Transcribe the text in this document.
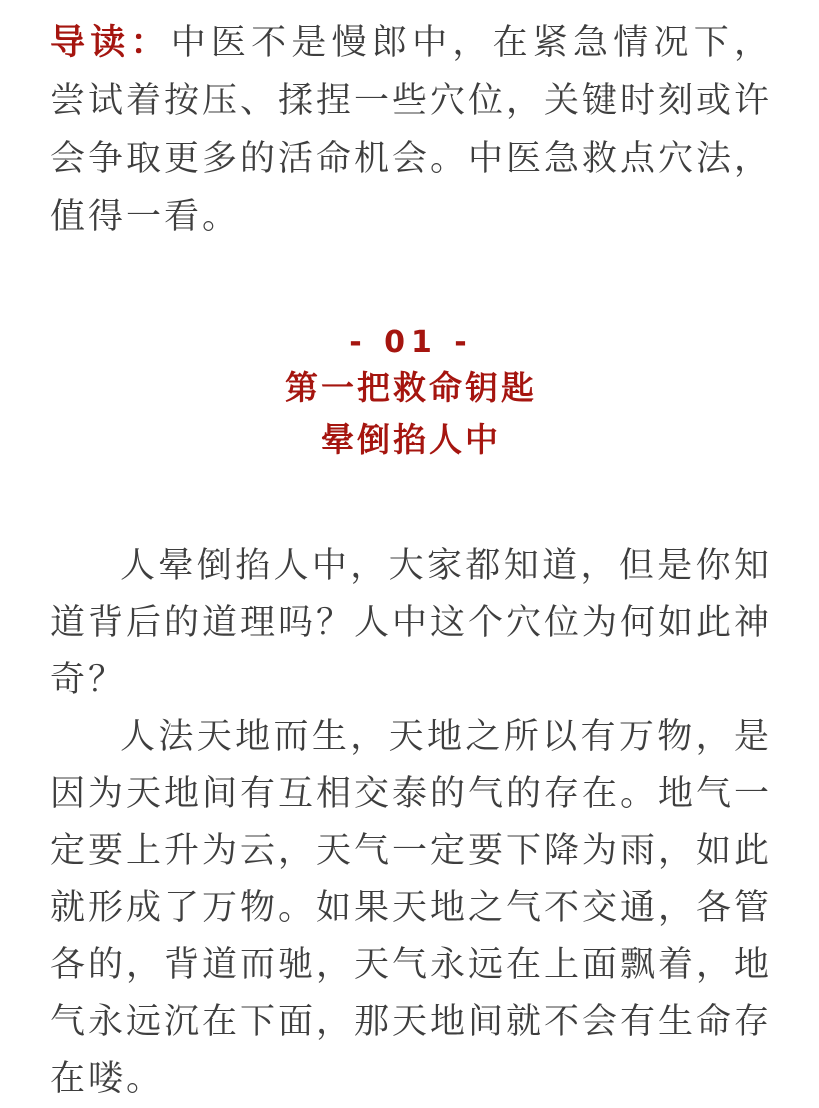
导读：中医不是慢郎中，在紧急情况下，尝试着按压、揉捏一些穴位，关键时刻或许会争取更多的活命机会。中医急救点穴法，值得一看。

- 01 -
第一把救命钥匙
晕倒掐人中

人晕倒掐人中，大家都知道，但是你知道背后的道理吗？人中这个穴位为何如此神奇？

人法天地而生，天地之所以有万物，是因为天地间有互相交泰的气的存在。地气一定要上升为云，天气一定要下降为雨，如此就形成了万物。如果天地之气不交通，各管各的，背道而驰，天气永远在上面飘着，地气永远沉在下面，那天地间就不会有生命存在喽。
